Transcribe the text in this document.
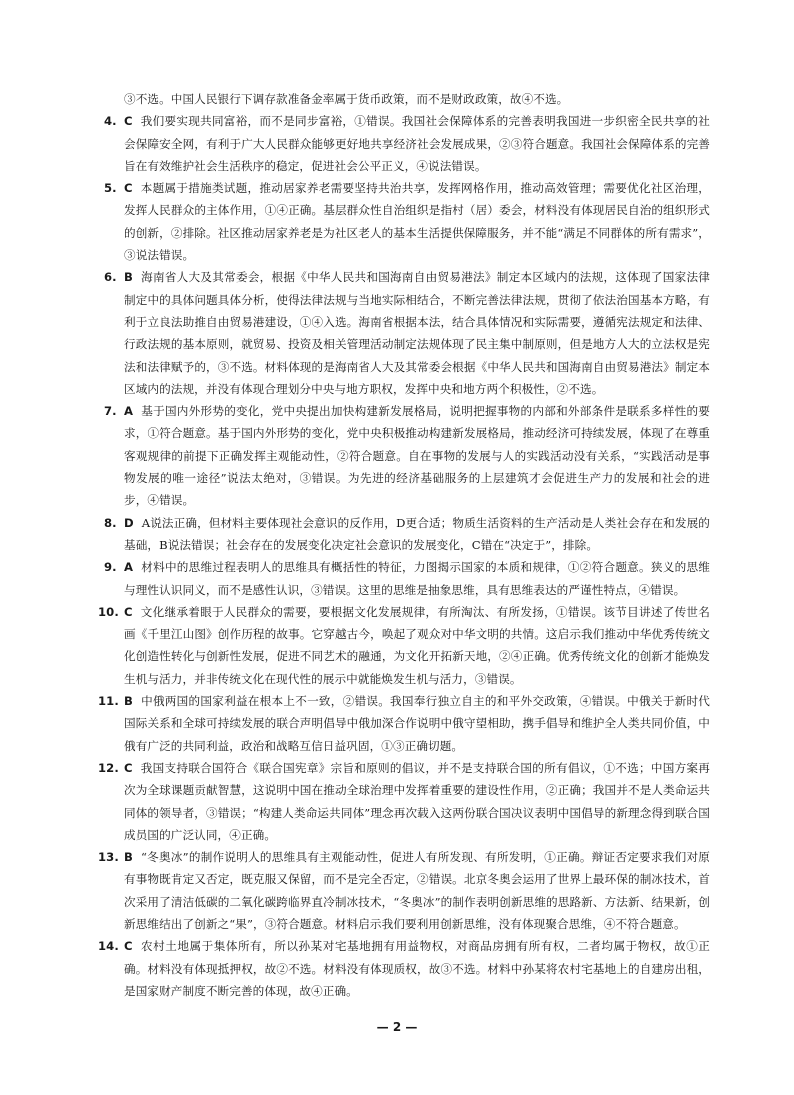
③不选。中国人民银行下调存款准备金率属于货币政策，而不是财政政策，故④不选。

4. C 我们要实现共同富裕，而不是同步富裕，①错误。我国社会保障体系的完善表明我国进一步织密全民共享的社会保障安全网，有利于广大人民群众能够更好地共享经济社会发展成果，②③符合题意。我国社会保障体系的完善旨在有效维护社会生活秩序的稳定，促进社会公平正义，④说法错误。

5. C 本题属于措施类试题，推动居家养老需要坚持共治共享，发挥网格作用，推动高效管理；需要优化社区治理，发挥人民群众的主体作用，①④正确。基层群众性自治组织是指村（居）委会，材料没有体现居民自治的组织形式的创新，②排除。社区推动居家养老是为社区老人的基本生活提供保障服务，并不能“满足不同群体的所有需求”，③说法错误。

6. B 海南省人大及其常委会，根据《中华人民共和国海南自由贸易港法》制定本区域内的法规，这体现了国家法律制定中的具体问题具体分析，使得法律法规与当地实际相结合，不断完善法律法规，贯彻了依法治国基本方略，有利于立良法助推自由贸易港建设，①④入选。海南省根据本法，结合具体情况和实际需要，遵循宪法规定和法律、行政法规的基本原则，就贸易、投资及相关管理活动制定法规体现了民主集中制原则，但是地方人大的立法权是宪法和法律赋予的，③不选。材料体现的是海南省人大及其常委会根据《中华人民共和国海南自由贸易港法》制定本区域内的法规，并没有体现合理划分中央与地方职权，发挥中央和地方两个积极性，②不选。

7. A 基于国内外形势的变化，党中央提出加快构建新发展格局，说明把握事物的内部和外部条件是联系多样性的要求，①符合题意。基于国内外形势的变化，党中央积极推动构建新发展格局，推动经济可持续发展，体现了在尊重客观规律的前提下正确发挥主观能动性，②符合题意。自在事物的发展与人的实践活动没有关系，“实践活动是事物发展的唯一途径”说法太绝对，③错误。为先进的经济基础服务的上层建筑才会促进生产力的发展和社会的进步，④错误。

8. D A说法正确，但材料主要体现社会意识的反作用，D更合适；物质生活资料的生产活动是人类社会存在和发展的基础，B说法错误；社会存在的发展变化决定社会意识的发展变化，C错在“决定于”，排除。

9. A 材料中的思维过程表明人的思维具有概括性的特征，力图揭示国家的本质和规律，①②符合题意。狭义的思维与理性认识同义，而不是感性认识，③错误。这里的思维是抽象思维，具有思维表达的严谨性特点，④错误。

10. C 文化继承着眼于人民群众的需要，要根据文化发展规律，有所淘汰、有所发扬，①错误。该节目讲述了传世名画《千里江山图》创作历程的故事。它穿越古今，唤起了观众对中华文明的共情。这启示我们推动中华优秀传统文化创造性转化与创新性发展，促进不同艺术的融通，为文化开拓新天地，②④正确。优秀传统文化的创新才能焕发生机与活力，并非传统文化在现代性的展示中就能焕发生机与活力，③错误。

11. B 中俄两国的国家利益在根本上不一致，②错误。我国奉行独立自主的和平外交政策，④错误。中俄关于新时代国际关系和全球可持续发展的联合声明倡导中俄加深合作说明中俄守望相助，携手倡导和维护全人类共同价值，中俄有广泛的共同利益，政治和战略互信日益巩固，①③正确切题。

12. C 我国支持联合国符合《联合国宪章》宗旨和原则的倡议，并不是支持联合国的所有倡议，①不选；中国方案再次为全球课题贡献智慧，这说明中国在推动全球治理中发挥着重要的建设性作用，②正确；我国并不是人类命运共同体的领导者，③错误；“构建人类命运共同体”理念再次载入这两份联合国决议表明中国倡导的新理念得到联合国成员国的广泛认同，④正确。

13. B “冬奥冰”的制作说明人的思维具有主观能动性，促进人有所发现、有所发明，①正确。辩证否定要求我们对原有事物既肯定又否定，既克服又保留，而不是完全否定，②错误。北京冬奥会运用了世界上最环保的制冰技术，首次采用了清洁低碳的二氧化碳跨临界直冷制冰技术，“冬奥冰”的制作表明创新思维的思路新、方法新、结果新，创新思维结出了创新之“果”，③符合题意。材料启示我们要利用创新思维，没有体现聚合思维，④不符合题意。

14. C 农村土地属于集体所有，所以孙某对宅基地拥有用益物权，对商品房拥有所有权，二者均属于物权，故①正确。材料没有体现抵押权，故②不选。材料没有体现质权，故③不选。材料中孙某将农村宅基地上的自建房出租，是国家财产制度不断完善的体现，故④正确。

— 2 —
